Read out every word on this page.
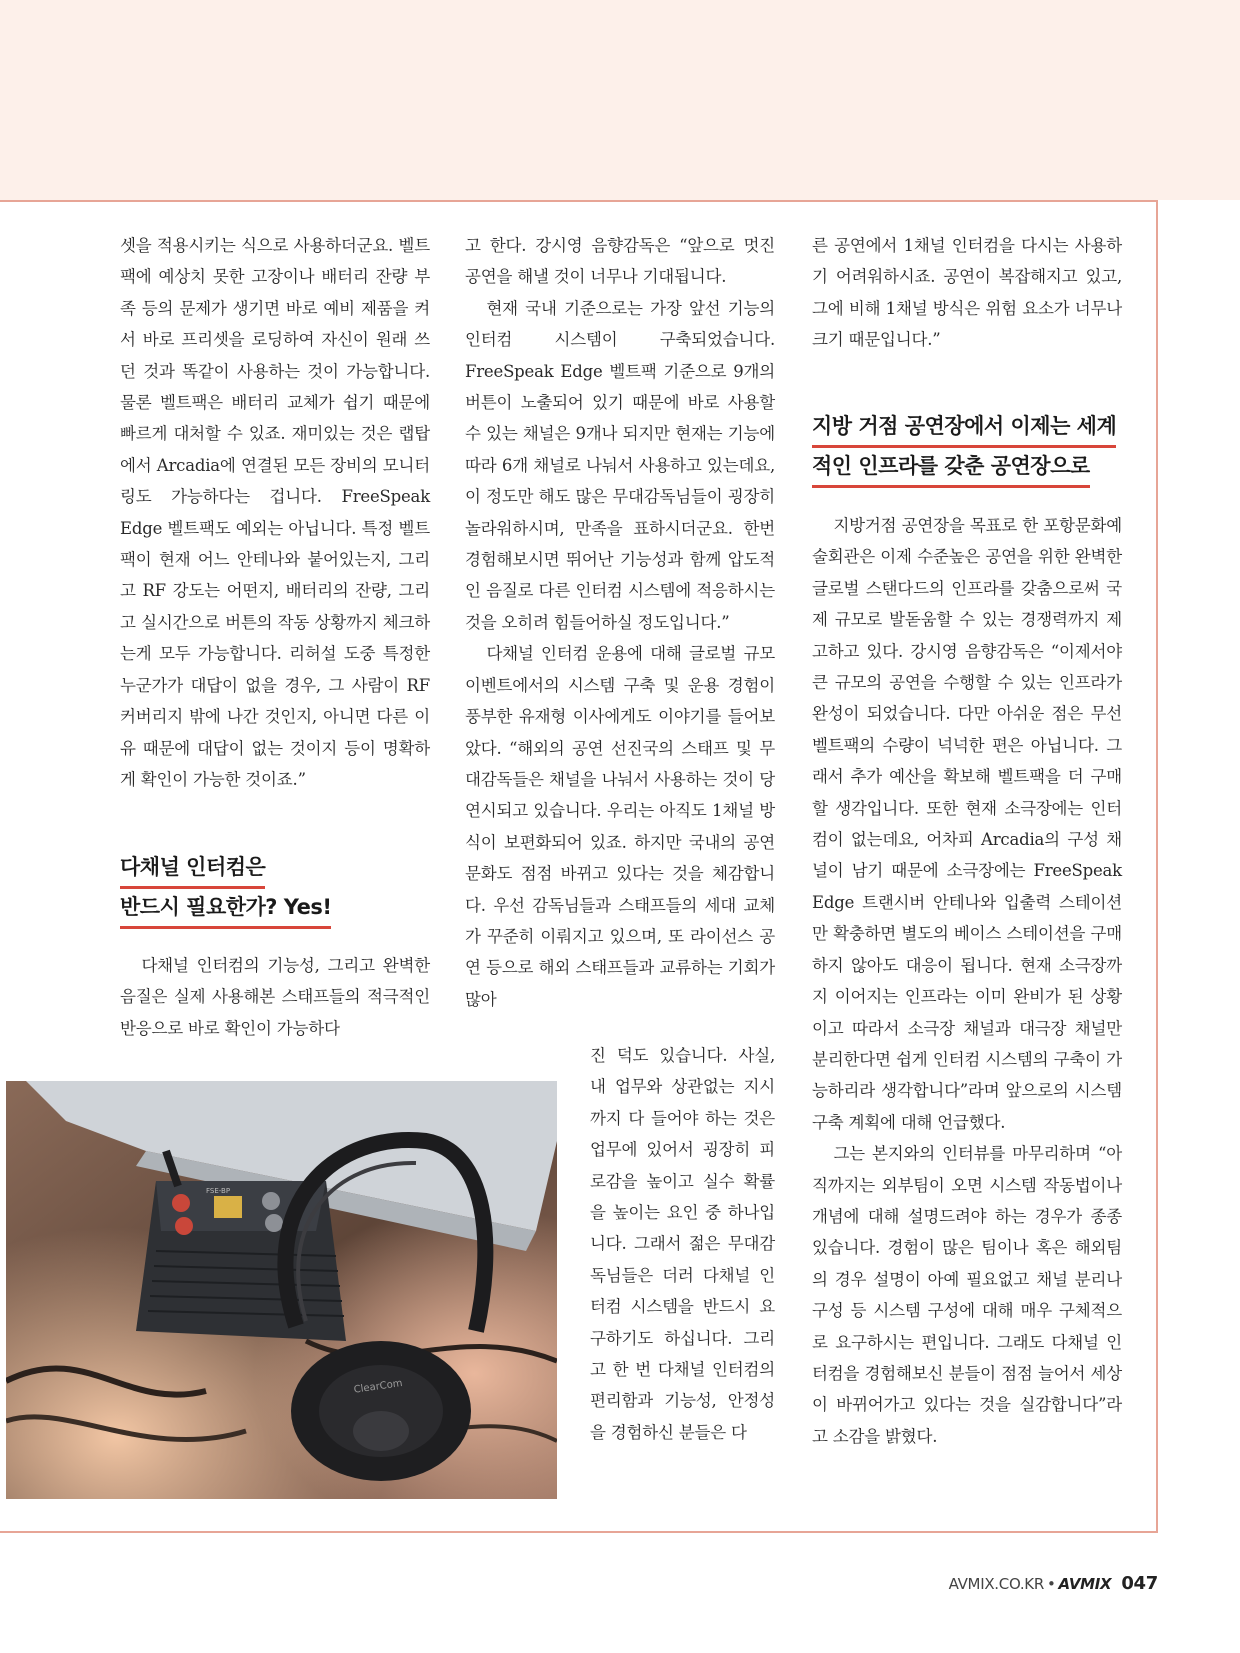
셋을 적용시키는 식으로 사용하더군요. 벨트팩에 예상치 못한 고장이나 배터리 잔량 부족 등의 문제가 생기면 바로 예비 제품을 켜서 바로 프리셋을 로딩하여 자신이 원래 쓰던 것과 똑같이 사용하는 것이 가능합니다. 물론 벨트팩은 배터리 교체가 쉽기 때문에 빠르게 대처할 수 있죠. 재미있는 것은 랩탑에서 Arcadia에 연결된 모든 장비의 모니터링도 가능하다는 겁니다. FreeSpeak Edge 벨트팩도 예외는 아닙니다. 특정 벨트팩이 현재 어느 안테나와 붙어있는지, 그리고 RF 강도는 어떤지, 배터리의 잔량, 그리고 실시간으로 버튼의 작동 상황까지 체크하는게 모두 가능합니다. 리허설 도중 특정한 누군가가 대답이 없을 경우, 그 사람이 RF 커버리지 밖에 나간 것인지, 아니면 다른 이유 때문에 대답이 없는 것이지 등이 명확하게 확인이 가능한 것이죠.”

다채널 인터컴은
반드시 필요한가? Yes!

다채널 인터컴의 기능성, 그리고 완벽한 음질은 실제 사용해본 스태프들의 적극적인 반응으로 바로 확인이 가능하다

고 한다. 강시영 음향감독은 “앞으로 멋진 공연을 해낼 것이 너무나 기대됩니다.

현재 국내 기준으로는 가장 앞선 기능의 인터컴 시스템이 구축되었습니다. FreeSpeak Edge 벨트팩 기준으로 9개의 버튼이 노출되어 있기 때문에 바로 사용할 수 있는 채널은 9개나 되지만 현재는 기능에 따라 6개 채널로 나눠서 사용하고 있는데요, 이 정도만 해도 많은 무대감독님들이 굉장히 놀라워하시며, 만족을 표하시더군요. 한번 경험해보시면 뛰어난 기능성과 함께 압도적인 음질로 다른 인터컴 시스템에 적응하시는 것을 오히려 힘들어하실 정도입니다.”

다채널 인터컴 운용에 대해 글로벌 규모 이벤트에서의 시스템 구축 및 운용 경험이 풍부한 유재형 이사에게도 이야기를 들어보았다. “해외의 공연 선진국의 스태프 및 무대감독들은 채널을 나눠서 사용하는 것이 당연시되고 있습니다. 우리는 아직도 1채널 방식이 보편화되어 있죠. 하지만 국내의 공연 문화도 점점 바뀌고 있다는 것을 체감합니다. 우선 감독님들과 스태프들의 세대 교체가 꾸준히 이뤄지고 있으며, 또 라이선스 공연 등으로 해외 스태프들과 교류하는 기회가 많아

진 덕도 있습니다. 사실, 내 업무와 상관없는 지시까지 다 들어야 하는 것은 업무에 있어서 굉장히 피로감을 높이고 실수 확률을 높이는 요인 중 하나입니다. 그래서 젊은 무대감독님들은 더러 다채널 인터컴 시스템을 반드시 요구하기도 하십니다. 그리고 한 번 다채널 인터컴의 편리함과 기능성, 안정성을 경험하신 분들은 다

른 공연에서 1채널 인터컴을 다시는 사용하기 어려워하시죠. 공연이 복잡해지고 있고, 그에 비해 1채널 방식은 위험 요소가 너무나 크기 때문입니다.”

지방 거점 공연장에서 이제는 세계
적인 인프라를 갖춘 공연장으로

지방거점 공연장을 목표로 한 포항문화예술회관은 이제 수준높은 공연을 위한 완벽한 글로벌 스탠다드의 인프라를 갖춤으로써 국제 규모로 발돋움할 수 있는 경쟁력까지 제고하고 있다. 강시영 음향감독은 “이제서야 큰 규모의 공연을 수행할 수 있는 인프라가 완성이 되었습니다. 다만 아쉬운 점은 무선 벨트팩의 수량이 넉넉한 편은 아닙니다. 그래서 추가 예산을 확보해 벨트팩을 더 구매할 생각입니다. 또한 현재 소극장에는 인터컴이 없는데요, 어차피 Arcadia의 구성 채널이 남기 때문에 소극장에는 FreeSpeak Edge 트랜시버 안테나와 입출력 스테이션만 확충하면 별도의 베이스 스테이션을 구매하지 않아도 대응이 됩니다. 현재 소극장까지 이어지는 인프라는 이미 완비가 된 상황이고 따라서 소극장 채널과 대극장 채널만 분리한다면 쉽게 인터컴 시스템의 구축이 가능하리라 생각합니다”라며 앞으로의 시스템 구축 계획에 대해 언급했다.

그는 본지와의 인터뷰를 마무리하며 “아직까지는 외부팀이 오면 시스템 작동법이나 개념에 대해 설명드려야 하는 경우가 종종 있습니다. 경험이 많은 팀이나 혹은 해외팀의 경우 설명이 아예 필요없고 채널 분리나 구성 등 시스템 구성에 대해 매우 구체적으로 요구하시는 편입니다. 그래도 다채널 인터컴을 경험해보신 분들이 점점 늘어서 세상이 바뀌어가고 있다는 것을 실감합니다”라고 소감을 밝혔다.

FSE-BP
ClearCom
AVMIX.CO.KR • AVMIX 047
